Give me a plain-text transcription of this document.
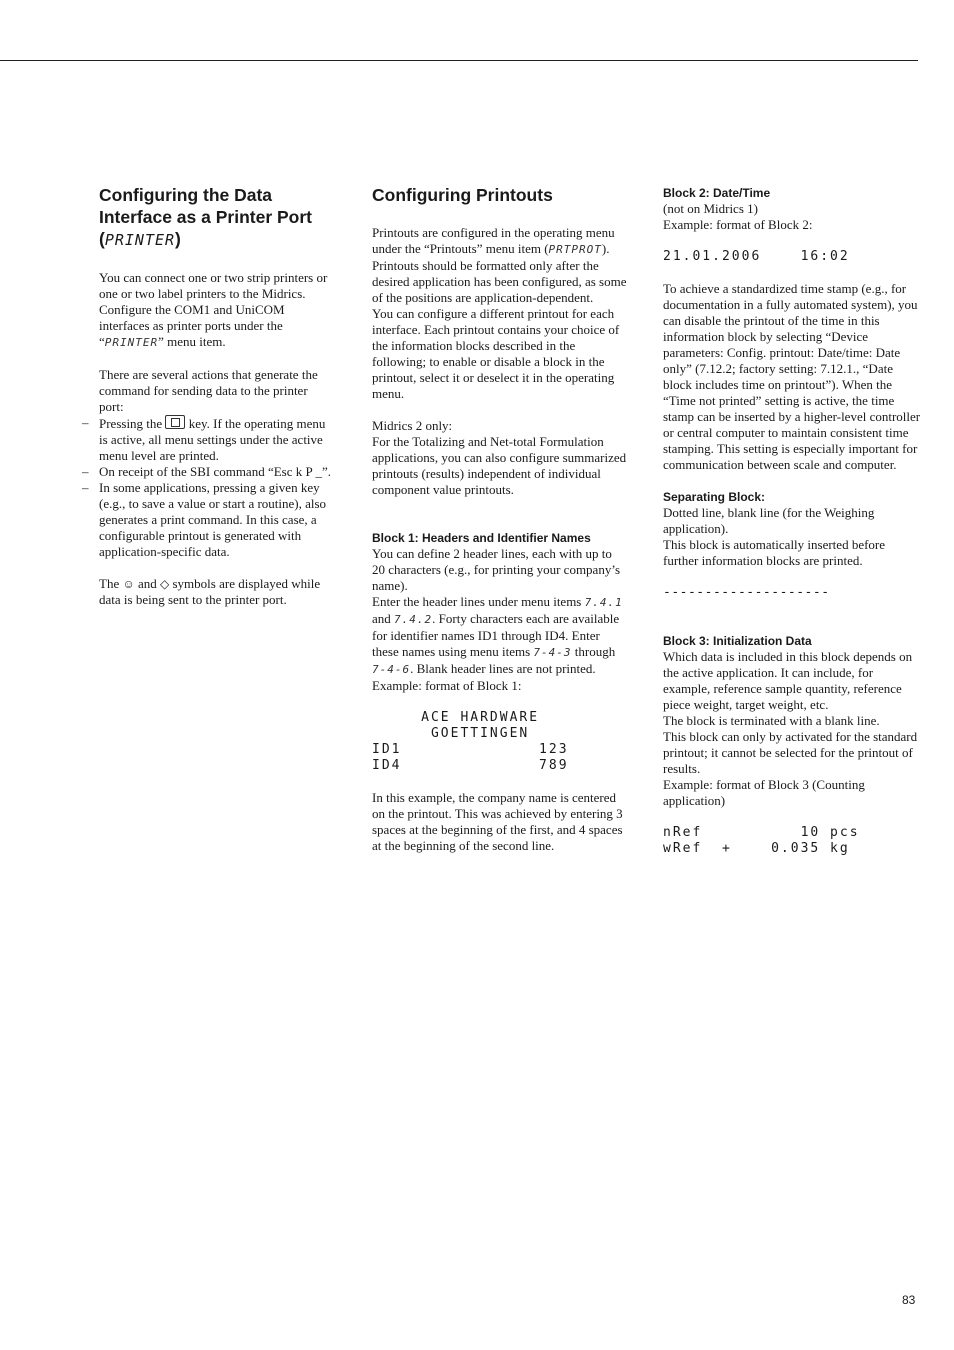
Configuring the Data
Interface as a Printer Port
(PRINTER)

You can connect one or two strip printers or one or two label printers to the Midrics. Configure the COM1 and UniCOM interfaces as printer ports under the “PRINTER” menu item.

There are several actions that generate the command for sending data to the printer port:

– Pressing the  key. If the operating menu is active, all menu settings under the active menu level are printed.
– On receipt of the SBI command “Esc k P _”.
– In some applications, pressing a given key (e.g., to save a value or start a routine), also generates a print command. In this case, a configurable printout is generated with application-specific data.

The ☺ and ◇ symbols are displayed while data is being sent to the printer port.

Configuring Printouts

Printouts are configured in the operating menu under the “Printouts” menu item (PRTPROT). Printouts should be formatted only after the desired application has been configured, as some of the positions are application-dependent.

You can configure a different printout for each interface. Each printout contains your choice of the information blocks described in the following; to enable or disable a block in the printout, select it or deselect it in the operating menu.

Midrics 2 only:

For the Totalizing and Net-total Formulation applications, you can also configure summarized printouts (results) independent of individual component value printouts.

Block 1: Headers and Identifier Names

You can define 2 header lines, each with up to 20 characters (e.g., for printing your company’s name).

Enter the header lines under menu items 7.4.1 and 7.4.2. Forty characters each are available for identifier names ID1 through ID4. Enter these names using menu items 7-4-3 through 7-4-6. Blank header lines are not printed.

Example: format of Block 1:

ACE HARDWARE
GOETTINGEN
ID1              123
ID4              789

In this example, the company name is centered on the printout. This was achieved by entering 3 spaces at the beginning of the first, and 4 spaces at the beginning of the second line.

Block 2: Date/Time

(not on Midrics 1)

Example: format of Block 2:

21.01.2006    16:02

To achieve a standardized time stamp (e.g., for documentation in a fully automated system), you can disable the printout of the time in this information block by selecting “Device parameters: Config. printout: Date/time: Date only” (7.12.2; factory setting: 7.12.1., “Date block includes time on printout”). When the “Time not printed” setting is active, the time stamp can be inserted by a higher-level controller or central computer to maintain consistent time stamping. This setting is especially important for communication between scale and computer.

Separating Block:

Dotted line, blank line (for the Weighing application).

This block is automatically inserted before further information blocks are printed.

--------------------
Block 3: Initialization Data

Which data is included in this block depends on the active application. It can include, for example, reference sample quantity, reference piece weight, target weight, etc.

The block is terminated with a blank line.

This block can only by activated for the standard printout; it cannot be selected for the printout of results.

Example: format of Block 3 (Counting application)

nRef          10 pcs
wRef  +    0.035 kg
83
